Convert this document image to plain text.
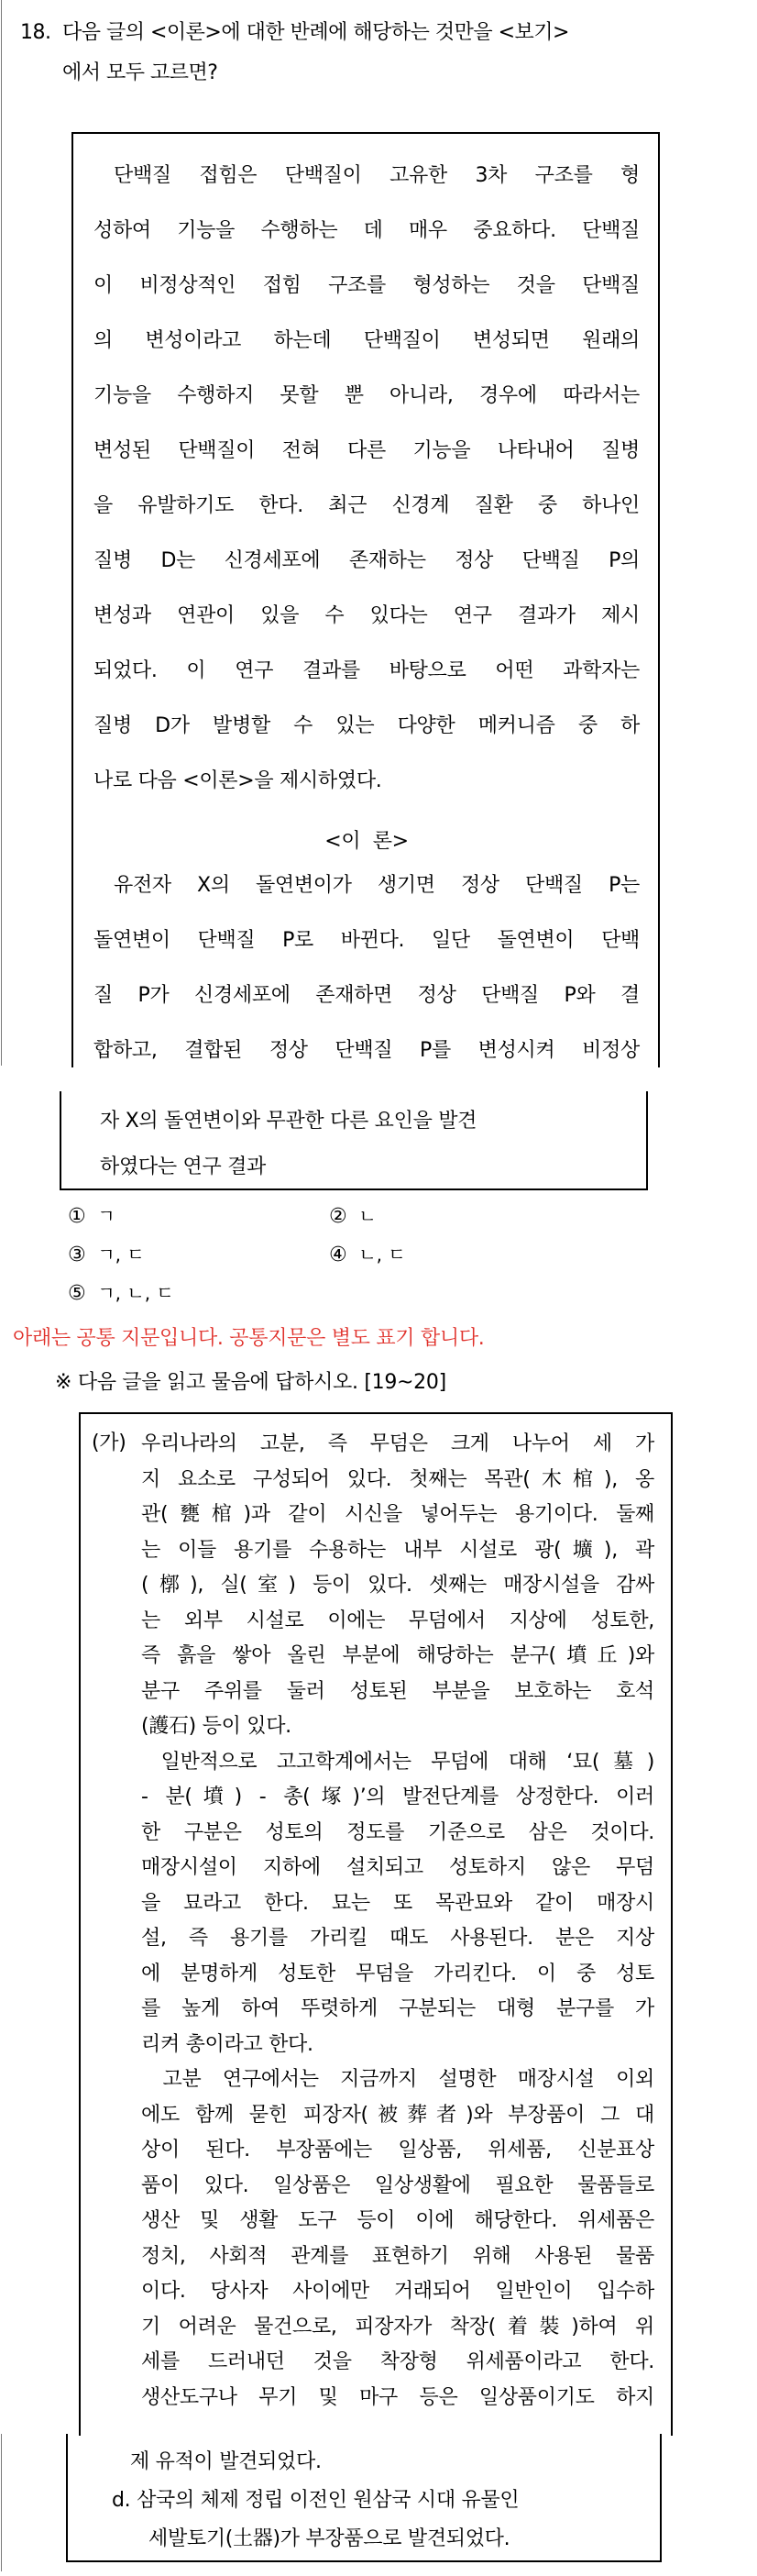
18. 다음 글의 <이론>에 대한 반례에 해당하는 것만을 <보기>
에서 모두 고르면?
단백질 접힘은 단백질이 고유한 3차 구조를 형
성하여 기능을 수행하는 데 매우 중요하다. 단백질
이 비정상적인 접힘 구조를 형성하는 것을 단백질
의 변성이라고 하는데 단백질이 변성되면 원래의
기능을 수행하지 못할 뿐 아니라, 경우에 따라서는
변성된 단백질이 전혀 다른 기능을 나타내어 질병
을 유발하기도 한다. 최근 신경계 질환 중 하나인
질병 D는 신경세포에 존재하는 정상 단백질 P의
변성과 연관이 있을 수 있다는 연구 결과가 제시
되었다. 이 연구 결과를 바탕으로 어떤 과학자는
질병 D가 발병할 수 있는 다양한 메커니즘 중 하
나로 다음 <이론>을 제시하였다.
<이  론>
유전자 X의 돌연변이가 생기면 정상 단백질 P는
돌연변이 단백질 P로 바뀐다. 일단 돌연변이 단백
질 P가 신경세포에 존재하면 정상 단백질 P와 결
합하고, 결합된 정상 단백질 P를 변성시켜 비정상
자 X의 돌연변이와 무관한 다른 요인을 발견
하였다는 연구 결과
① ㄱ	② ㄴ
③ ㄱ, ㄷ	④ ㄴ, ㄷ
⑤ ㄱ, ㄴ, ㄷ
아래는 공통 지문입니다. 공통지문은 별도 표기 합니다.
※ 다음 글을 읽고 물음에 답하시오. [19~20]
(가) 우리나라의 고분, 즉 무덤은 크게 나누어 세 가
지 요소로 구성되어 있다. 첫째는 목관(木棺), 옹
관(甕棺)과 같이 시신을 넣어두는 용기이다. 둘째
는 이들 용기를 수용하는 내부 시설로 광(壙), 곽
(槨), 실(室) 등이 있다. 셋째는 매장시설을 감싸
는 외부 시설로 이에는 무덤에서 지상에 성토한,
즉 흙을 쌓아 올린 부분에 해당하는 분구(墳丘)와
분구 주위를 둘러 성토된 부분을 보호하는 호석
(護石) 등이 있다.
일반적으로 고고학계에서는 무덤에 대해 ‘묘(墓)
- 분(墳) - 총(塚)’의 발전단계를 상정한다. 이러
한 구분은 성토의 정도를 기준으로 삼은 것이다.
매장시설이 지하에 설치되고 성토하지 않은 무덤
을 묘라고 한다. 묘는 또 목관묘와 같이 매장시
설, 즉 용기를 가리킬 때도 사용된다. 분은 지상
에 분명하게 성토한 무덤을 가리킨다. 이 중 성토
를 높게 하여 뚜렷하게 구분되는 대형 분구를 가
리켜 총이라고 한다.
고분 연구에서는 지금까지 설명한 매장시설 이외
에도 함께 묻힌 피장자(被葬者)와 부장품이 그 대
상이 된다. 부장품에는 일상품, 위세품, 신분표상
품이 있다. 일상품은 일상생활에 필요한 물품들로
생산 및 생활 도구 등이 이에 해당한다. 위세품은
정치, 사회적 관계를 표현하기 위해 사용된 물품
이다. 당사자 사이에만 거래되어 일반인이 입수하
기 어려운 물건으로, 피장자가 착장(着裝)하여 위
세를 드러내던 것을 착장형 위세품이라고 한다.
생산도구나 무기 및 마구 등은 일상품이기도 하지
제 유적이 발견되었다.
d. 삼국의 체제 정립 이전인 원삼국 시대 유물인
세발토기(土器)가 부장품으로 발견되었다.
